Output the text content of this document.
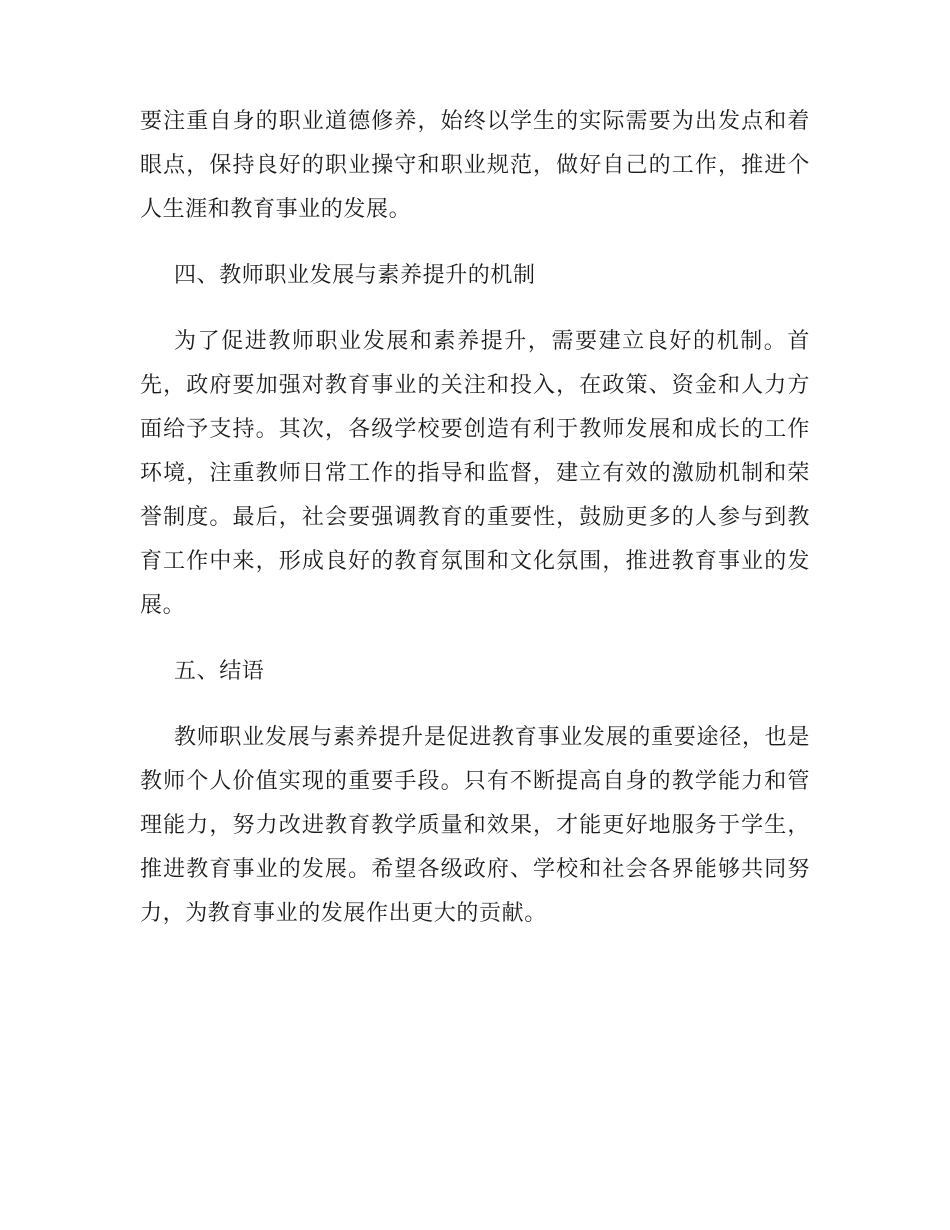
要注重自身的职业道德修养，始终以学生的实际需要为出发点和着眼点，保持良好的职业操守和职业规范，做好自己的工作，推进个人生涯和教育事业的发展。

四、教师职业发展与素养提升的机制

为了促进教师职业发展和素养提升，需要建立良好的机制。首先，政府要加强对教育事业的关注和投入，在政策、资金和人力方面给予支持。其次，各级学校要创造有利于教师发展和成长的工作环境，注重教师日常工作的指导和监督，建立有效的激励机制和荣誉制度。最后，社会要强调教育的重要性，鼓励更多的人参与到教育工作中来，形成良好的教育氛围和文化氛围，推进教育事业的发展。

五、结语

教师职业发展与素养提升是促进教育事业发展的重要途径，也是教师个人价值实现的重要手段。只有不断提高自身的教学能力和管理能力，努力改进教育教学质量和效果，才能更好地服务于学生，推进教育事业的发展。希望各级政府、学校和社会各界能够共同努力，为教育事业的发展作出更大的贡献。
